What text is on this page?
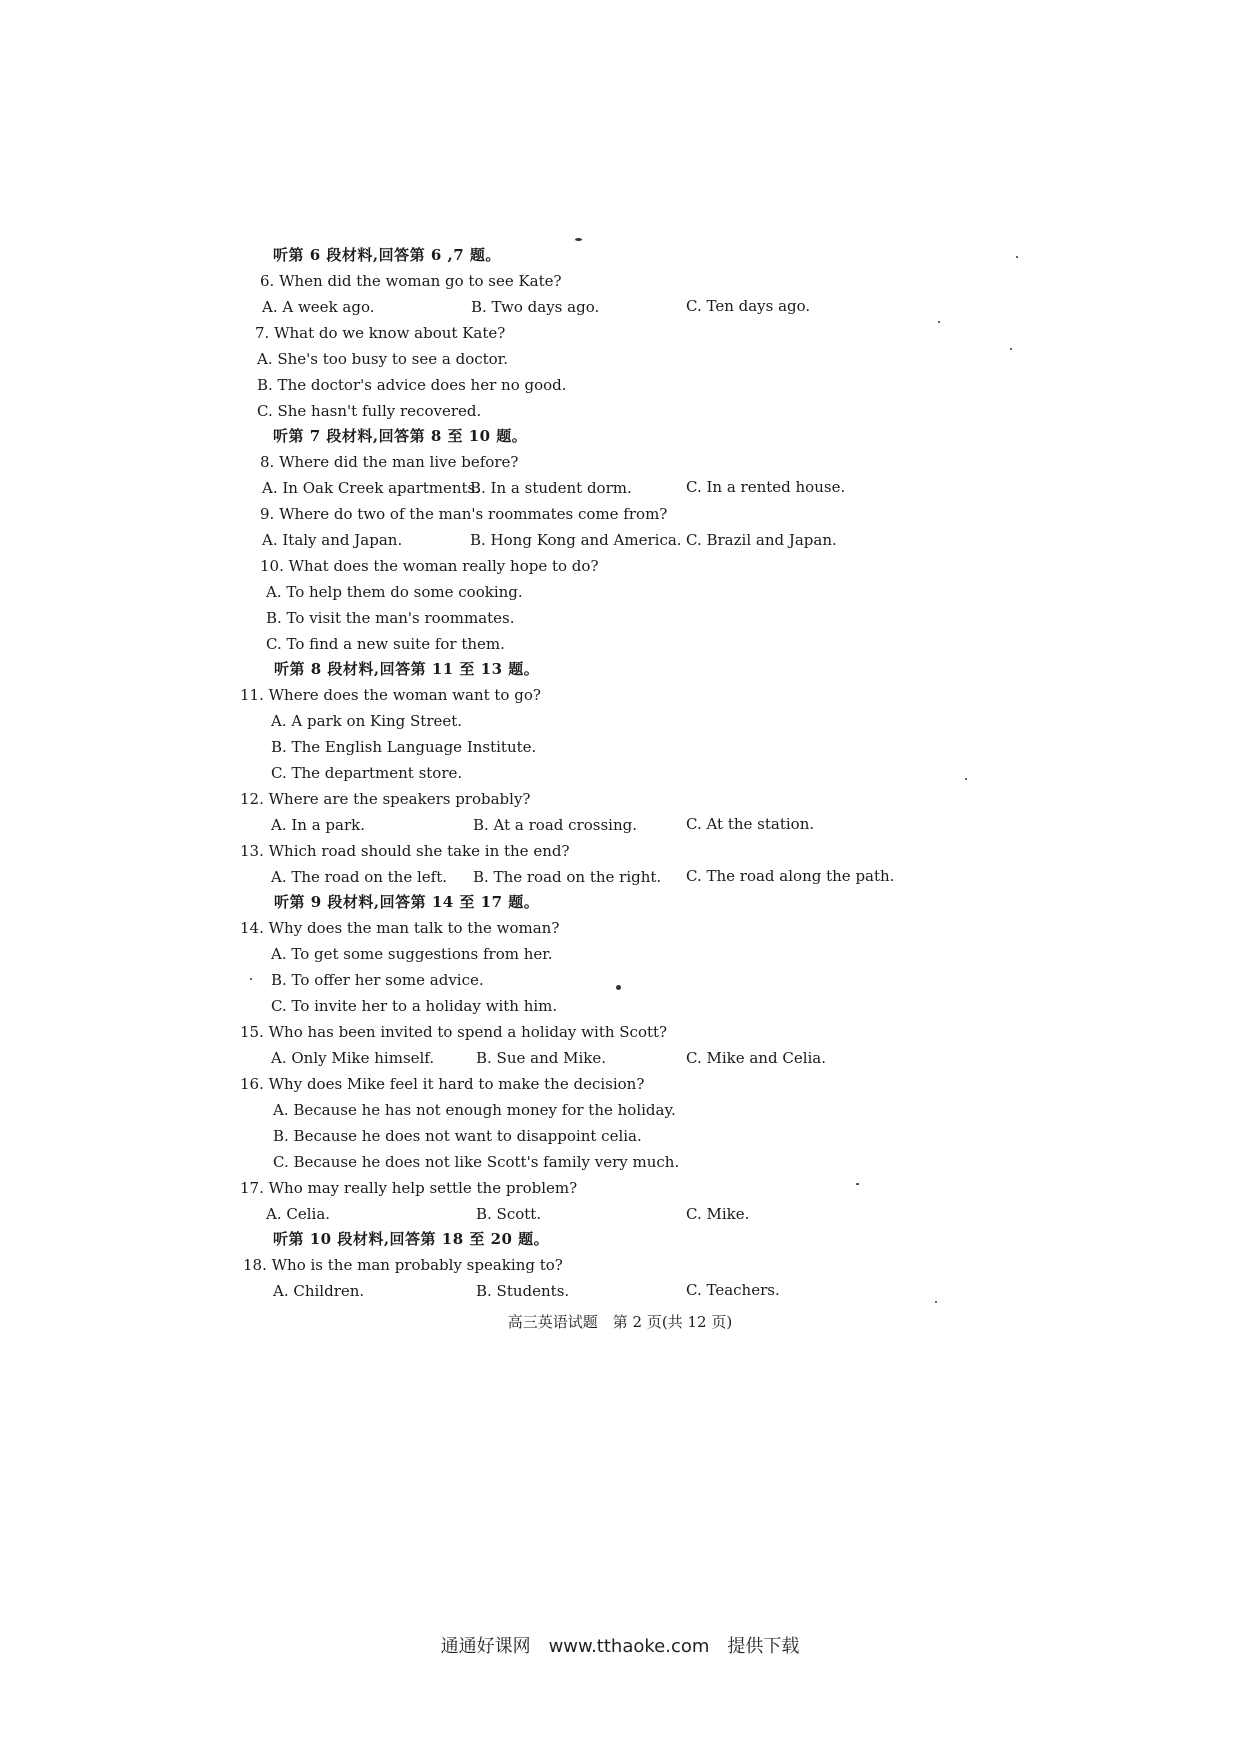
听第 6 段材料,回答第 6 ,7 题。
6. When did the woman go to see Kate?
A. A week ago.	B. Two days ago.	C. Ten days ago.
7. What do we know about Kate?
A. She's too busy to see a doctor.
B. The doctor's advice does her no good.
C. She hasn't fully recovered.
听第 7 段材料,回答第 8 至 10 题。
8. Where did the man live before?
A. In Oak Creek apartments.
B. In a student dorm.	C. In a rented house.
9. Where do two of the man's roommates come from?
A. Italy and Japan.	B. Hong Kong and America. C. Brazil and Japan.
10. What does the woman really hope to do?
A. To help them do some cooking.
B. To visit the man's roommates.
C. To find a new suite for them.
听第 8 段材料,回答第 11 至 13 题。
11. Where does the woman want to go?
A. A park on King Street.
B. The English Language Institute.
C. The department store.
12. Where are the speakers probably?
A. In a park.	B. At a road crossing.	C. At the station.
13. Which road should she take in the end?
A. The road on the left. B. The road on the right. C. The road along the path.
听第 9 段材料,回答第 14 至 17 题。
14. Why does the man talk to the woman?
A. To get some suggestions from her.
B. To offer her some advice.
C. To invite her to a holiday with him.
15. Who has been invited to spend a holiday with Scott?
A. Only Mike himself.	B. Sue and Mike.	C. Mike and Celia.
16. Why does Mike feel it hard to make the decision?
A. Because he has not enough money for the holiday.
B. Because he does not want to disappoint celia.
C. Because he does not like Scott's family very much.
17. Who may really help settle the problem?
A. Celia.	B. Scott.	C. Mike.
听第 10 段材料,回答第 18 至 20 题。
18. Who is the man probably speaking to?
A. Children.	B. Students.	C. Teachers.
高三英语试题　第 2 页(共 12 页)
通通好课网　www.tthaoke.com　提供下载
